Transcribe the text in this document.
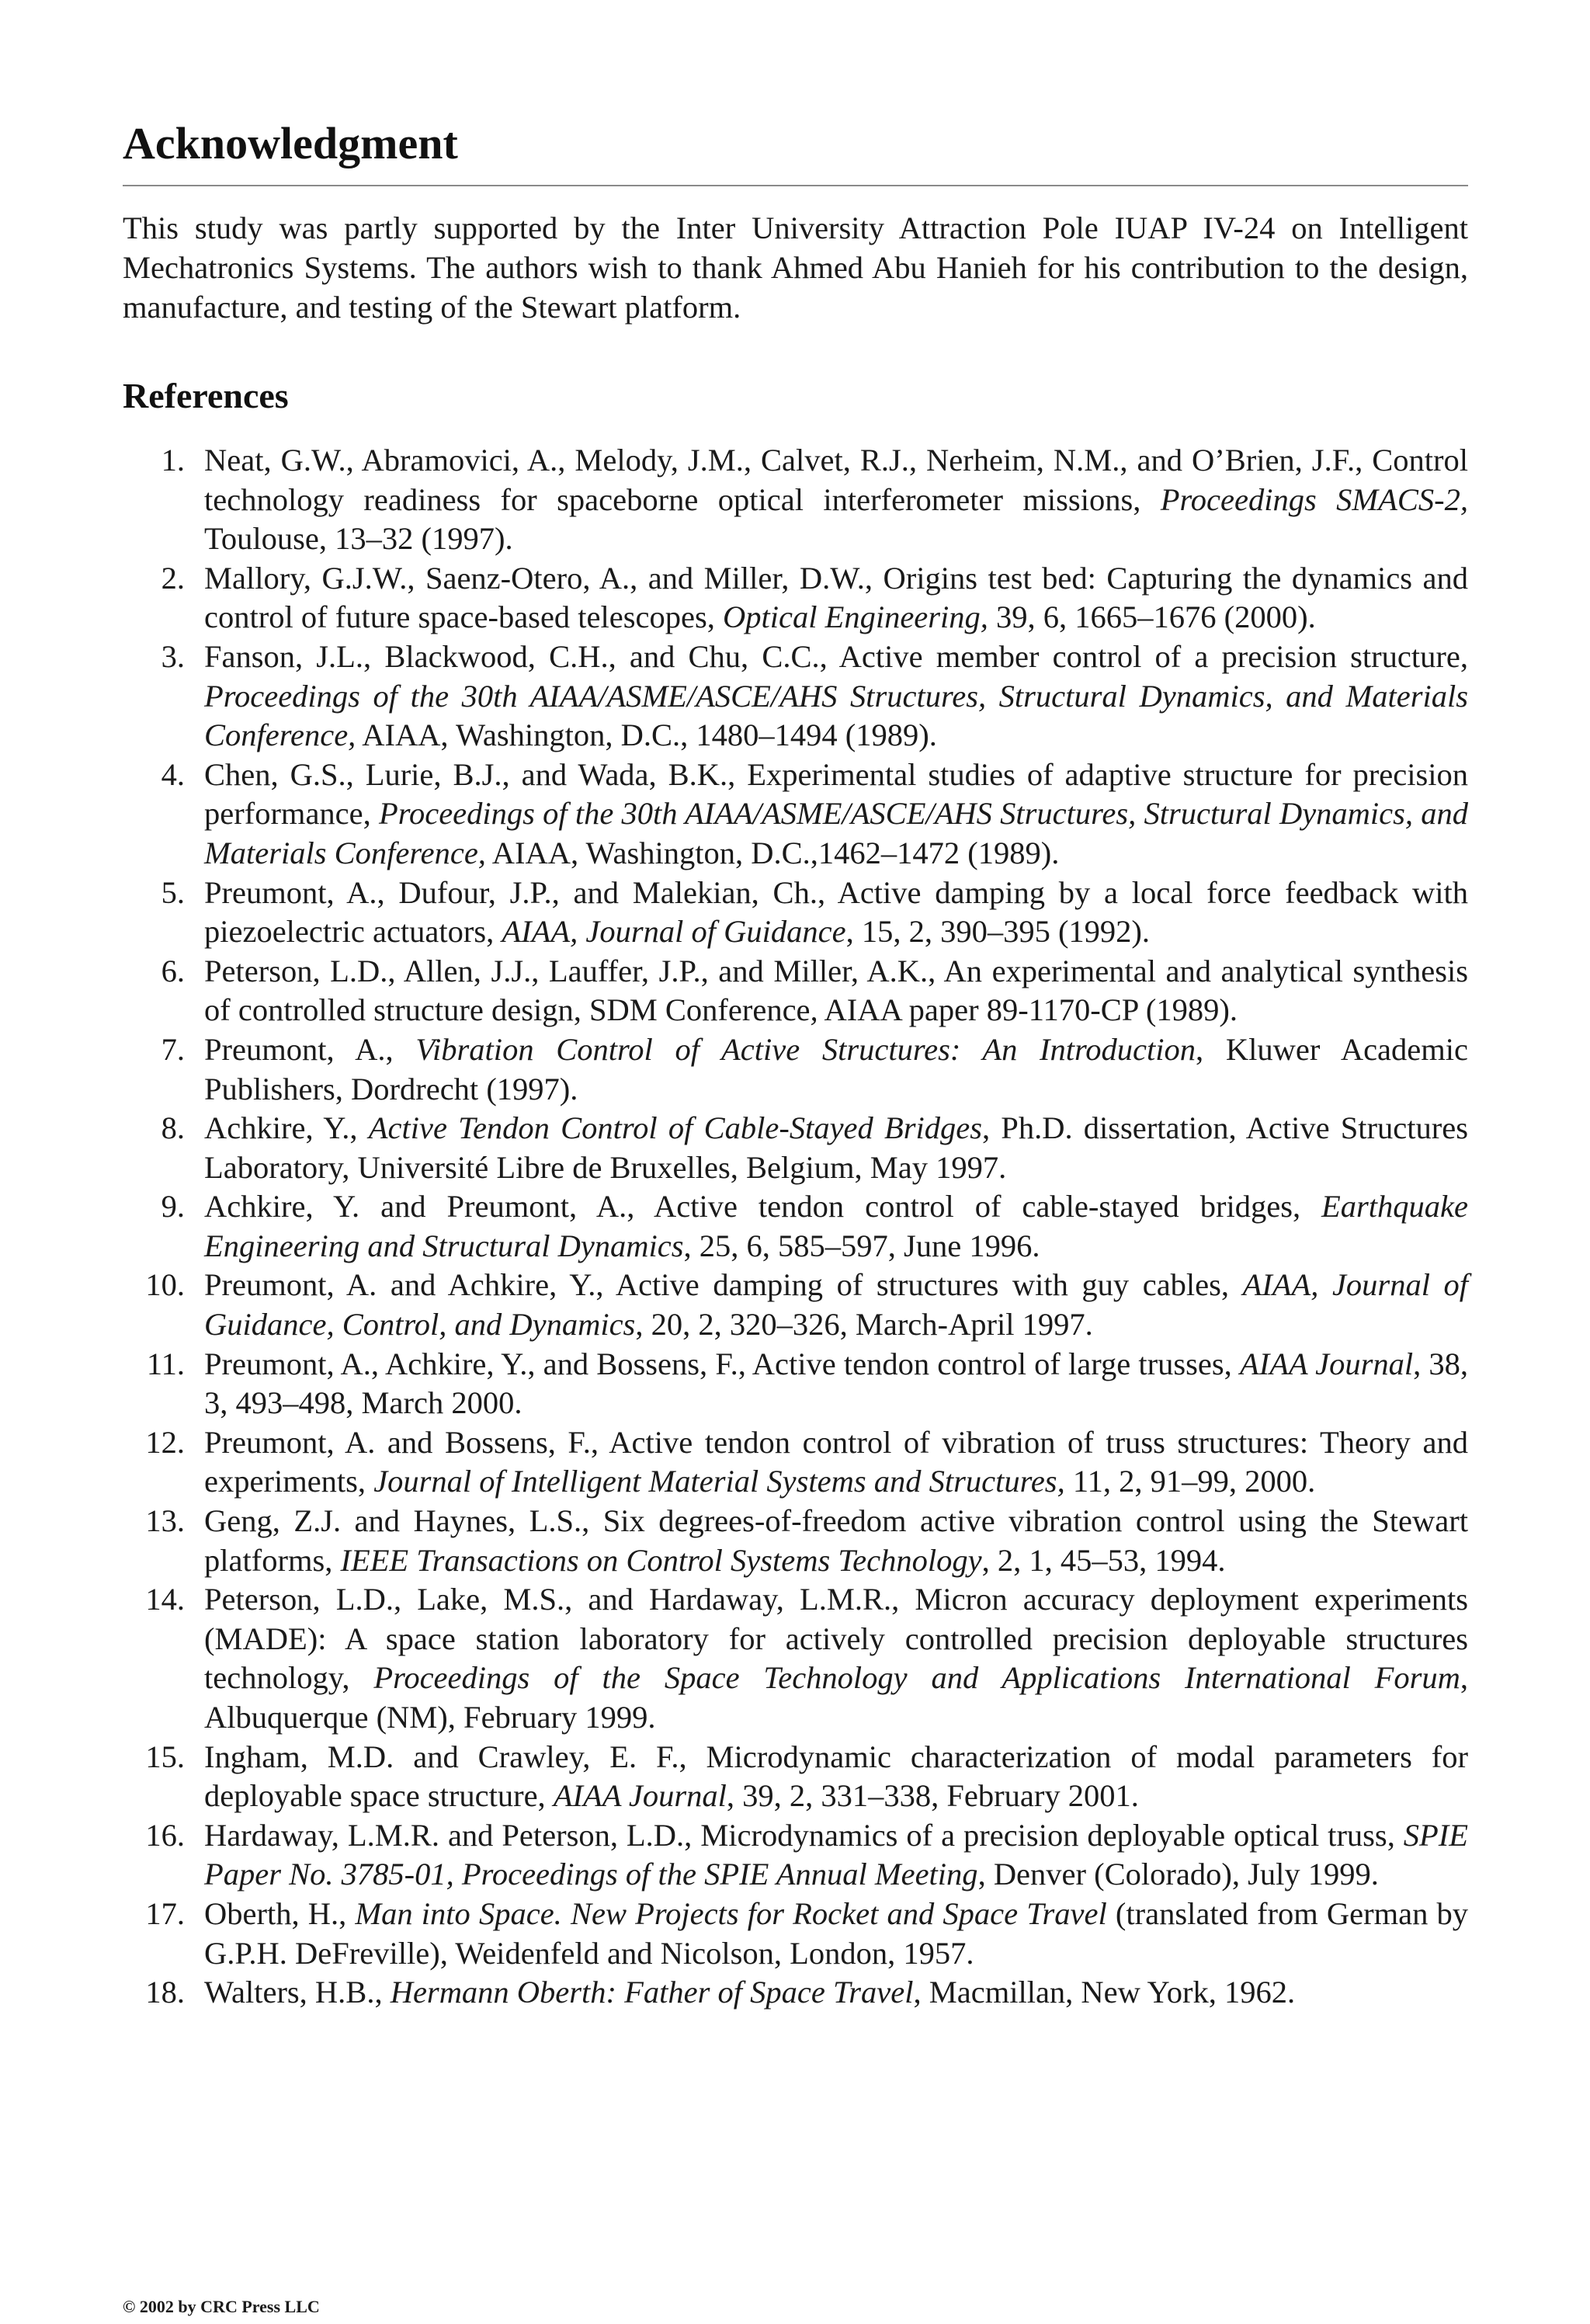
Acknowledgment

This study was partly supported by the Inter University Attraction Pole IUAP IV-24 on Intelligent Mechatronics Systems. The authors wish to thank Ahmed Abu Hanieh for his contribution to the design, manufacture, and testing of the Stewart platform.

References
1. Neat, G.W., Abramovici, A., Melody, J.M., Calvet, R.J., Nerheim, N.M., and O’Brien, J.F., Control technology readiness for spaceborne optical interferometer missions, Proceedings SMACS-2, Toulouse, 13–32 (1997).
2. Mallory, G.J.W., Saenz-Otero, A., and Miller, D.W., Origins test bed: Capturing the dynamics and control of future space-based telescopes, Optical Engineering, 39, 6, 1665–1676 (2000).
3. Fanson, J.L., Blackwood, C.H., and Chu, C.C., Active member control of a precision structure, Proceedings of the 30th AIAA/ASME/ASCE/AHS Structures, Structural Dynamics, and Materials Conference, AIAA, Washington, D.C., 1480–1494 (1989).
4. Chen, G.S., Lurie, B.J., and Wada, B.K., Experimental studies of adaptive structure for precision performance, Proceedings of the 30th AIAA/ASME/ASCE/AHS Structures, Structural Dynamics, and Materials Conference, AIAA, Washington, D.C.,1462–1472 (1989).
5. Preumont, A., Dufour, J.P., and Malekian, Ch., Active damping by a local force feedback with piezoelectric actuators, AIAA, Journal of Guidance, 15, 2, 390–395 (1992).
6. Peterson, L.D., Allen, J.J., Lauffer, J.P., and Miller, A.K., An experimental and analytical synthesis of controlled structure design, SDM Conference, AIAA paper 89-1170-CP (1989).
7. Preumont, A., Vibration Control of Active Structures: An Introduction, Kluwer Academic Publishers, Dordrecht (1997).
8. Achkire, Y., Active Tendon Control of Cable-Stayed Bridges, Ph.D. dissertation, Active Structures Laboratory, Université Libre de Bruxelles, Belgium, May 1997.
9. Achkire, Y. and Preumont, A., Active tendon control of cable-stayed bridges, Earthquake Engineering and Structural Dynamics, 25, 6, 585–597, June 1996.
10. Preumont, A. and Achkire, Y., Active damping of structures with guy cables, AIAA, Journal of Guidance, Control, and Dynamics, 20, 2, 320–326, March-April 1997.
11. Preumont, A., Achkire, Y., and Bossens, F., Active tendon control of large trusses, AIAA Journal, 38, 3, 493–498, March 2000.
12. Preumont, A. and Bossens, F., Active tendon control of vibration of truss structures: Theory and experiments, Journal of Intelligent Material Systems and Structures, 11, 2, 91–99, 2000.
13. Geng, Z.J. and Haynes, L.S., Six degrees-of-freedom active vibration control using the Stewart platforms, IEEE Transactions on Control Systems Technology, 2, 1, 45–53, 1994.
14. Peterson, L.D., Lake, M.S., and Hardaway, L.M.R., Micron accuracy deployment experiments (MADE): A space station laboratory for actively controlled precision deployable structures technology, Proceedings of the Space Technology and Applications International Forum, Albuquerque (NM), February 1999.
15. Ingham, M.D. and Crawley, E. F., Microdynamic characterization of modal parameters for deployable space structure, AIAA Journal, 39, 2, 331–338, February 2001.
16. Hardaway, L.M.R. and Peterson, L.D., Microdynamics of a precision deployable optical truss, SPIE Paper No. 3785-01, Proceedings of the SPIE Annual Meeting, Denver (Colorado), July 1999.
17. Oberth, H., Man into Space. New Projects for Rocket and Space Travel (translated from German by G.P.H. DeFreville), Weidenfeld and Nicolson, London, 1957.
18. Walters, H.B., Hermann Oberth: Father of Space Travel, Macmillan, New York, 1962.

© 2002 by CRC Press LLC
